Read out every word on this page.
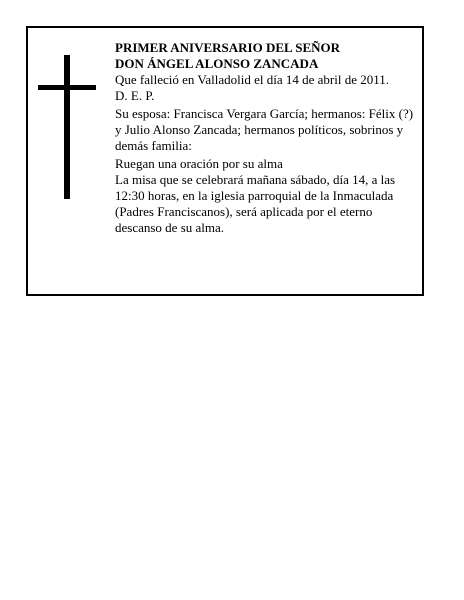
PRIMER ANIVERSARIO DEL SEÑOR

DON ÁNGEL ALONSO ZANCADA

Que falleció en Valladolid el día 14 de abril de 2011.

D. E. P.

Su esposa: Francisca Vergara García; hermanos: Félix (?) y Julio Alonso Zancada; hermanos políticos, sobrinos y demás familia:

Ruegan una oración por su alma

La misa que se celebrará mañana sábado, día 14, a las 12:30 horas, en la iglesia parroquial de la Inmaculada (Padres Franciscanos), será aplicada por el eterno descanso de su alma.
